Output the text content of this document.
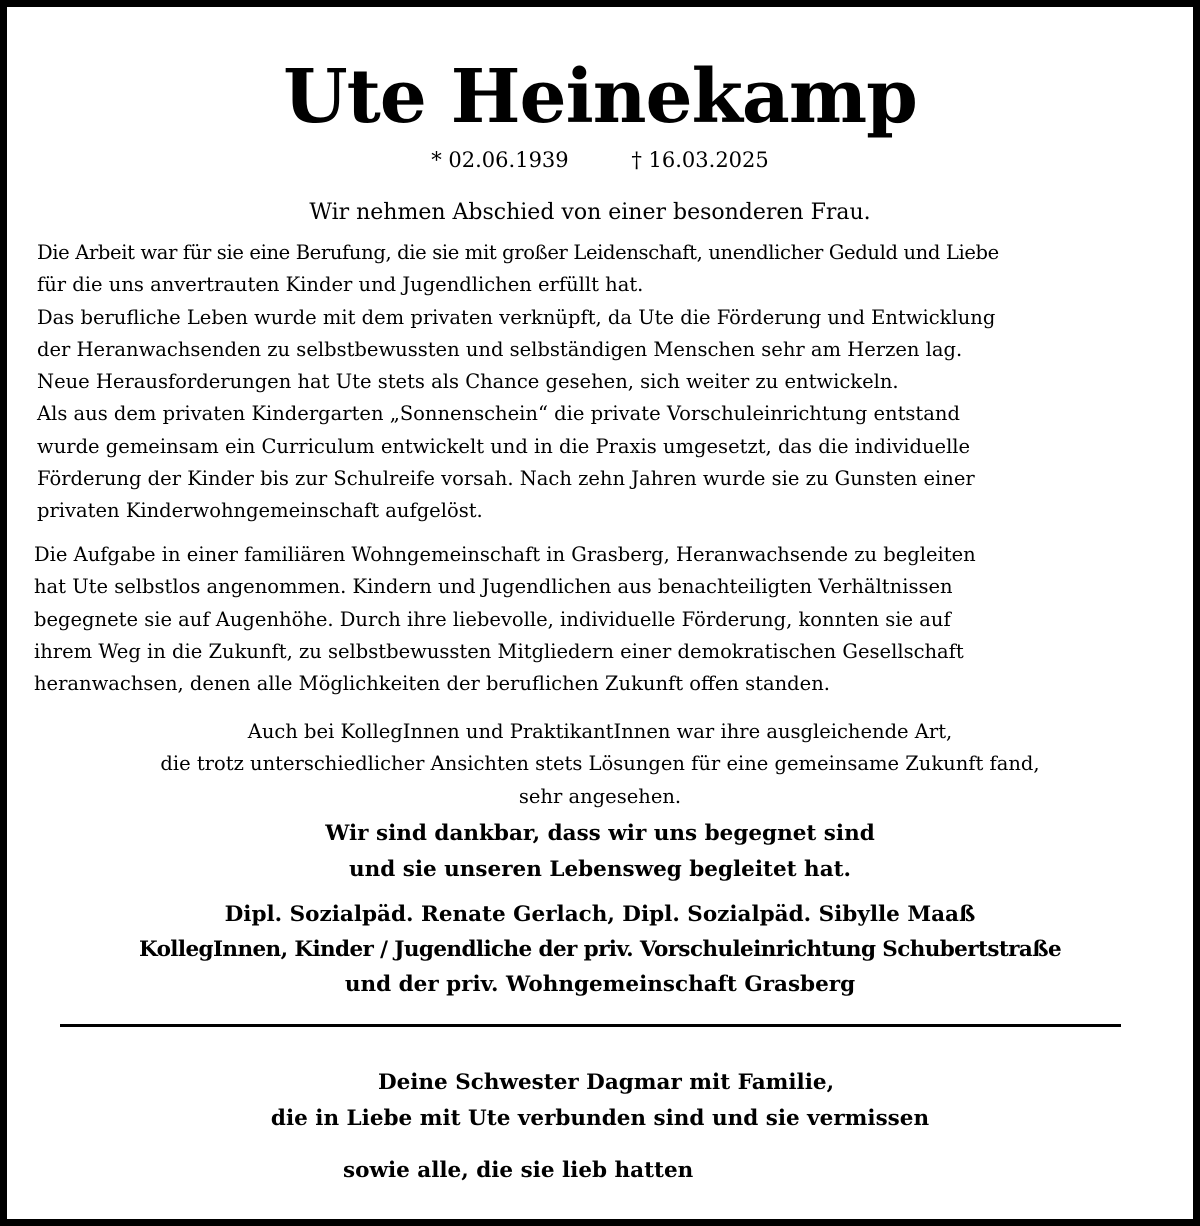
Ute Heinekamp
* 02.06.1939	† 16.03.2025

Wir nehmen Abschied von einer besonderen Frau.

Die Arbeit war für sie eine Berufung, die sie mit großer Leidenschaft, unendlicher Geduld und Liebe
für die uns anvertrauten Kinder und Jugendlichen erfüllt hat.
Das berufliche Leben wurde mit dem privaten verknüpft, da Ute die Förderung und Entwicklung
der Heranwachsenden zu selbstbewussten und selbständigen Menschen sehr am Herzen lag.
Neue Herausforderungen hat Ute stets als Chance gesehen, sich weiter zu entwickeln.
Als aus dem privaten Kindergarten „Sonnenschein“ die private Vorschuleinrichtung entstand
wurde gemeinsam ein Curriculum entwickelt und in die Praxis umgesetzt, das die individuelle
Förderung der Kinder bis zur Schulreife vorsah. Nach zehn Jahren wurde sie zu Gunsten einer
privaten Kinderwohngemeinschaft aufgelöst.
Die Aufgabe in einer familiären Wohngemeinschaft in Grasberg, Heranwachsende zu begleiten
hat Ute selbstlos angenommen. Kindern und Jugendlichen aus benachteiligten Verhältnissen
begegnete sie auf Augenhöhe. Durch ihre liebevolle, individuelle Förderung, konnten sie auf
ihrem Weg in die Zukunft, zu selbstbewussten Mitgliedern einer demokratischen Gesellschaft
heranwachsen, denen alle Möglichkeiten der beruflichen Zukunft offen standen.
Auch bei KollegInnen und PraktikantInnen war ihre ausgleichende Art,
die trotz unterschiedlicher Ansichten stets Lösungen für eine gemeinsame Zukunft fand,
sehr angesehen.
Wir sind dankbar, dass wir uns begegnet sind
und sie unseren Lebensweg begleitet hat.
Dipl. Sozialpäd. Renate Gerlach, Dipl. Sozialpäd. Sibylle Maaß
KollegInnen, Kinder / Jugendliche der priv. Vorschuleinrichtung Schubertstraße
und der priv. Wohngemeinschaft Grasberg
Deine Schwester Dagmar mit Familie,
die in Liebe mit Ute verbunden sind und sie vermissen

sowie alle, die sie lieb hatten
